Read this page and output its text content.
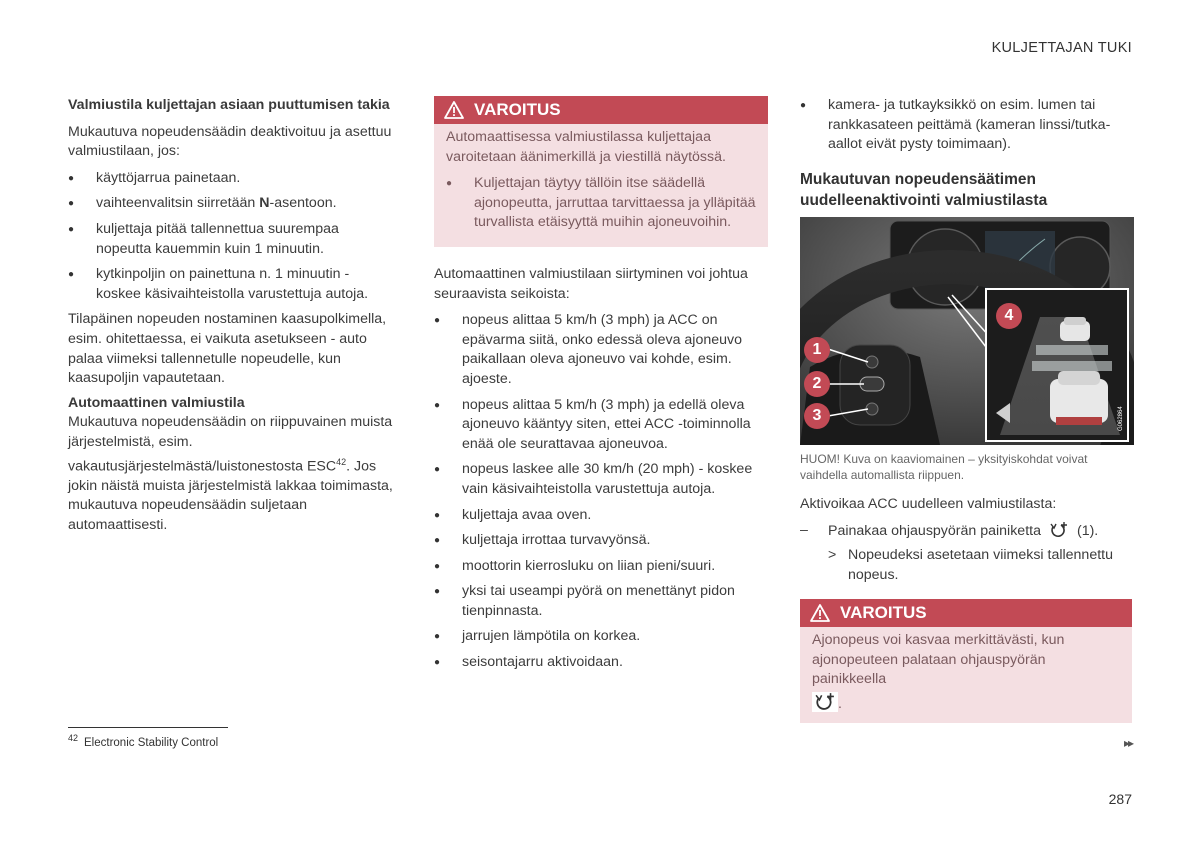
KULJETTAJAN TUKI

Valmiustila kuljettajan asiaan puuttumisen takia

Mukautuva nopeudensäädin deaktivoituu ja asettuu valmiustilaan, jos:

● käyttöjarrua painetaan.
● vaihteenvalitsin siirretään N-asentoon.
● kuljettaja pitää tallennettua suurempaa nopeutta kauemmin kuin 1 minuutin.
● kytkinpoljin on painettuna n. 1 minuutin - koskee käsivaihteistolla varustettuja autoja.

Tilapäinen nopeuden nostaminen kaasupolkimella, esim. ohitettaessa, ei vaikuta asetukseen - auto palaa viimeksi tallennetulle nopeudelle, kun kaasupoljin vapautetaan.

Automaattinen valmiustila

Mukautuva nopeudensäädin on riippuvainen muista järjestelmistä, esim. vakautusjärjestelmästä/luistonestosta ESC$^{42}$. Jos jokin näistä muista järjestelmistä lakkaa toimimasta, mukautuva nopeudensäädin suljetaan automaattisesti.

VAROITUS

Automaattisessa valmiustilassa kuljettajaa varoitetaan äänimerkillä ja viestillä näytössä.

● Kuljettajan täytyy tällöin itse säädellä ajonopeutta, jarruttaa tarvittaessa ja ylläpitää turvallista etäisyyttä muihin ajoneuvoihin.

Automaattinen valmiustilaan siirtyminen voi johtua seuraavista seikoista:

● nopeus alittaa 5 km/h (3 mph) ja ACC on epävarma siitä, onko edessä oleva ajoneuvo paikallaan oleva ajoneuvo vai kohde, esim. ajoeste.
● nopeus alittaa 5 km/h (3 mph) ja edellä oleva ajoneuvo kääntyy siten, ettei ACC -toiminnolla enää ole seurattavaa ajoneuvoa.
● nopeus laskee alle 30 km/h (20 mph) - koskee vain käsivaihteistolla varustettuja autoja.
● kuljettaja avaa oven.
● kuljettaja irrottaa turvavyönsä.
● moottorin kierrosluku on liian pieni/suuri.
● yksi tai useampi pyörä on menettänyt pidon tienpinnasta.
● jarrujen lämpötila on korkea.
● seisontajarru aktivoidaan.
● kamera- ja tutkayksikkö on esim. lumen tai rankkasateen peittämä (kameran linssi/tutka-aallot eivät pysty toimimaan).
Mukautuvan nopeudensäätimen uudelleenaktivointi valmiustilasta
76
G062864
1
2
3
4
HUOM! Kuva on kaaviomainen – yksityiskohdat voivat vaihdella automallista riippuen.

Aktivoikaa ACC uudelleen valmiustilasta:

– Painakaa ohjauspyörän painiketta	(1).
> Nopeudeksi asetetaan viimeksi tallennettu nopeus.
VAROITUS
Ajonopeus voi kasvaa merkittävästi, kun ajonopeuteen palataan ohjauspyörän painikkeella
.
$^{42}$ Electronic Stability Control	▸▸
287
